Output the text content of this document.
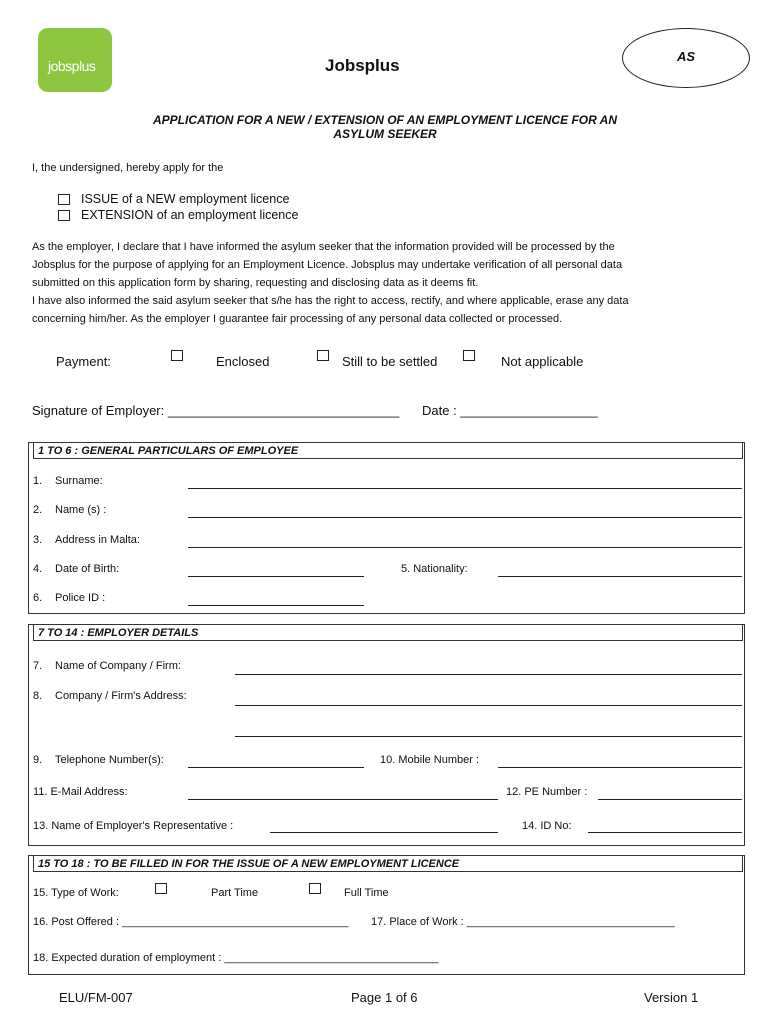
jobsplus
AS
Jobsplus
APPLICATION FOR A NEW / EXTENSION OF AN EMPLOYMENT LICENCE FOR AN
ASYLUM SEEKER
I, the undersigned, hereby apply for the
ISSUE of a NEW employment licence
EXTENSION of an employment licence
As the employer, I declare that I have informed the asylum seeker that the information provided will be processed by the
Jobsplus for the purpose of applying for an Employment Licence. Jobsplus may undertake verification of all personal data
submitted on this application form by sharing, requesting and disclosing data as it deems fit.
I have also informed the said asylum seeker that s/he has the right to access, rectify, and where applicable, erase any data
concerning him/her. As the employer I guarantee fair processing of any personal data collected or processed.
Payment:	Enclosed	Still to be settled	Not applicable
Signature of Employer: ________________________________ Date : ___________________
1 TO 6 : GENERAL PARTICULARS OF EMPLOYEE
1. Surname:
2. Name (s) :
3. Address in Malta:
4. Date of Birth:	5. Nationality:
6. Police ID :
7 TO 14 : EMPLOYER DETAILS
7. Name of Company / Firm:
8. Company / Firm's Address:
9. Telephone Number(s):	10. Mobile Number :
11. E-Mail Address:	12. PE Number :
13. Name of Employer's Representative :	14. ID No:
15 TO 18 : TO BE FILLED IN FOR THE ISSUE OF A NEW EMPLOYMENT LICENCE
15. Type of Work:	Part Time	Full Time
16. Post Offered : _____________________________________ 17. Place of Work : __________________________________
18. Expected duration of employment : ___________________________________
ELU/FM-007	Page 1 of 6	Version 1
